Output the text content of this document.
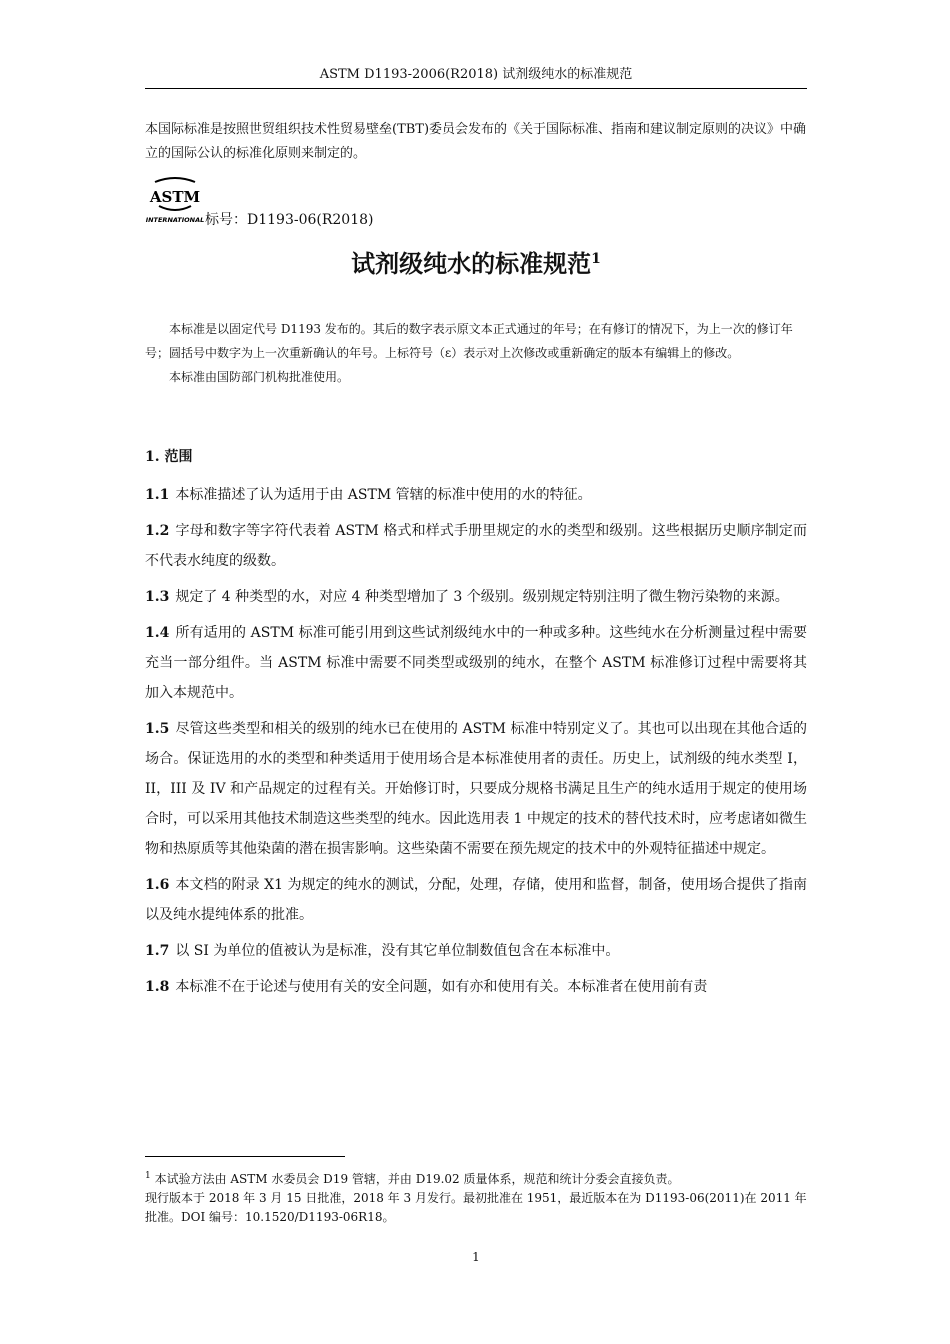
ASTM D1193-2006(R2018) 试剂级纯水的标准规范

本国际标准是按照世贸组织技术性贸易壁垒(TBT)委员会发布的《关于国际标准、指南和建议制定原则的决议》中确立的国际公认的标准化原则来制定的。

ASTM
INTERNATIONAL 标号：D1193-06(R2018)
试剂级纯水的标准规范$^1$

本标准是以固定代号 D1193 发布的。其后的数字表示原文本正式通过的年号；在有修订的情况下，为上一次的修订年号；圆括号中数字为上一次重新确认的年号。上标符号（ε）表示对上次修改或重新确定的版本有编辑上的修改。

本标准由国防部门机构批准使用。

1. 范围

1.1 本标准描述了认为适用于由 ASTM 管辖的标准中使用的水的特征。

1.2 字母和数字等字符代表着 ASTM 格式和样式手册里规定的水的类型和级别。这些根据历史顺序制定而不代表水纯度的级数。

1.3 规定了 4 种类型的水，对应 4 种类型增加了 3 个级别。级别规定特别注明了微生物污染物的来源。

1.4 所有适用的 ASTM 标准可能引用到这些试剂级纯水中的一种或多种。这些纯水在分析测量过程中需要充当一部分组件。当 ASTM 标准中需要不同类型或级别的纯水，在整个 ASTM 标准修订过程中需要将其加入本规范中。

1.5 尽管这些类型和相关的级别的纯水已在使用的 ASTM 标准中特别定义了。其也可以出现在其他合适的场合。保证选用的水的类型和种类适用于使用场合是本标准使用者的责任。历史上，试剂级的纯水类型 I，II，III 及 IV 和产品规定的过程有关。开始修订时，只要成分规格书满足且生产的纯水适用于规定的使用场合时，可以采用其他技术制造这些类型的纯水。因此选用表 1 中规定的技术的替代技术时，应考虑诸如微生物和热原质等其他染菌的潜在损害影响。这些染菌不需要在预先规定的技术中的外观特征描述中规定。

1.6 本文档的附录 X1 为规定的纯水的测试，分配，处理，存储，使用和监督，制备，使用场合提供了指南以及纯水提纯体系的批准。

1.7 以 SI 为单位的值被认为是标准，没有其它单位制数值包含在本标准中。

1.8 本标准不在于论述与使用有关的安全问题，如有亦和使用有关。本标准者在使用前有责

$^1$ 本试验方法由 ASTM 水委员会 D19 管辖，并由 D19.02 质量体系，规范和统计分委会直接负责。

现行版本于 2018 年 3 月 15 日批准，2018 年 3 月发行。最初批准在 1951，最近版本在为 D1193-06(2011)在 2011 年批准。DOI 编号：10.1520/D1193-06R18。

1
